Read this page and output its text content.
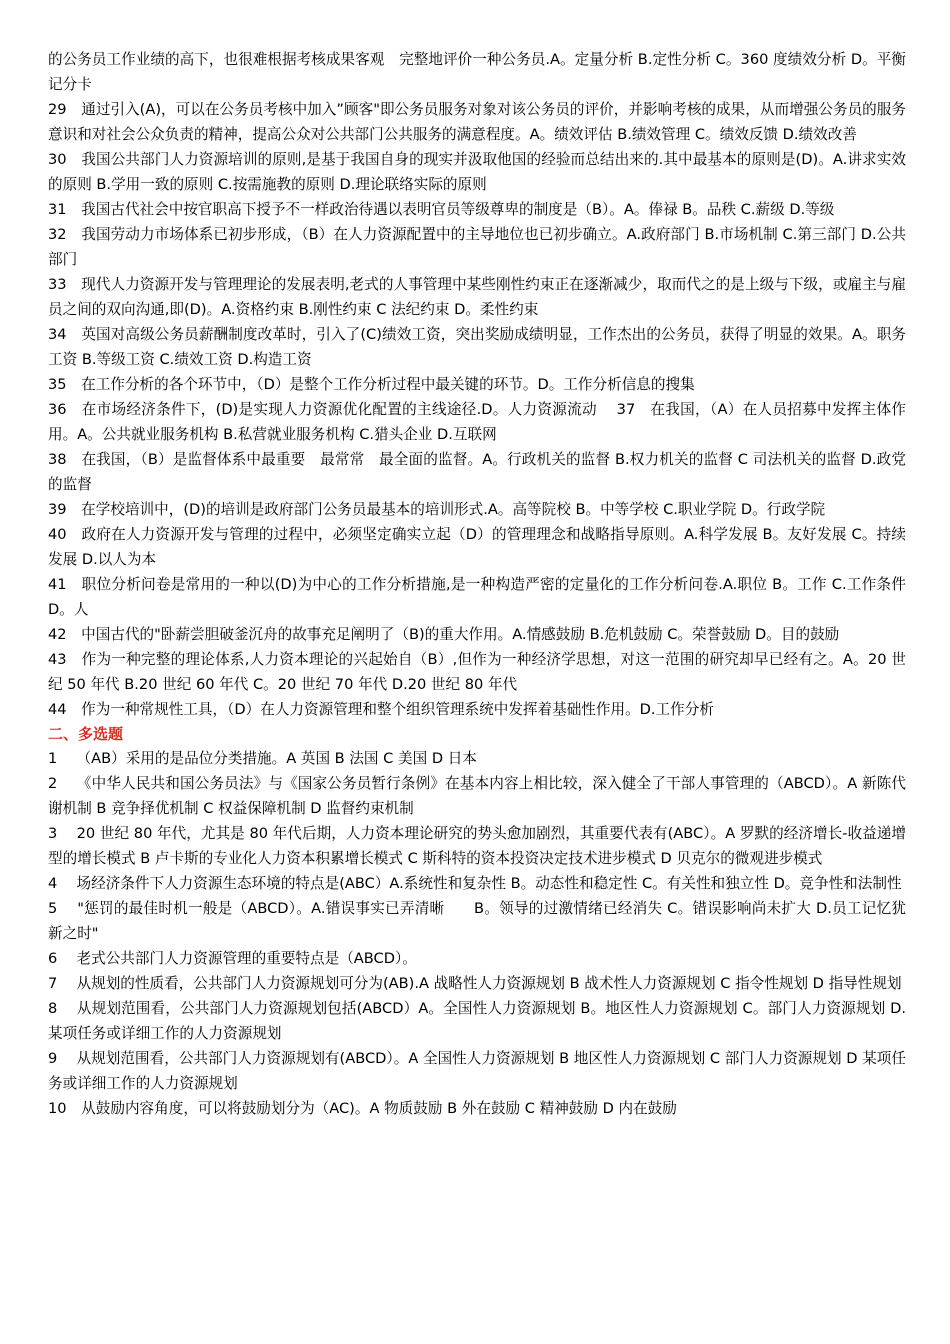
的公务员工作业绩的高下，也很难根据考核成果客观　完整地评价一种公务员.A。定量分析 B.定性分析 C。360 度绩效分析 D。平衡记分卡

29　通过引入(A)，可以在公务员考核中加入”顾客"即公务员服务对象对该公务员的评价，并影响考核的成果，从而增强公务员的服务意识和对社会公众负责的精神，提高公众对公共部门公共服务的满意程度。A。绩效评估 B.绩效管理 C。绩效反馈 D.绩效改善

30　我国公共部门人力资源培训的原则,是基于我国自身的现实并汲取他国的经验而总结出来的.其中最基本的原则是(D)。A.讲求实效的原则 B.学用一致的原则 C.按需施教的原则 D.理论联络实际的原则

31　我国古代社会中按官职高下授予不一样政治待遇以表明官员等级尊卑的制度是（B）。A。俸禄 B。品秩 C.薪级 D.等级

32　我国劳动力市场体系已初步形成，（B）在人力资源配置中的主导地位也已初步确立。A.政府部门 B.市场机制 C.第三部门 D.公共部门

33　现代人力资源开发与管理理论的发展表明,老式的人事管理中某些刚性约束正在逐渐减少，取而代之的是上级与下级，或雇主与雇员之间的双向沟通,即(D)。A.资格约束 B.刚性约束 C 法纪约束 D。柔性约束

34　英国对高级公务员薪酬制度改革时，引入了(C)绩效工资，突出奖励成绩明显，工作杰出的公务员，获得了明显的效果。A。职务工资 B.等级工资 C.绩效工资 D.构造工资

35　在工作分析的各个环节中，（D）是整个工作分析过程中最关键的环节。D。工作分析信息的搜集

36　在市场经济条件下，(D)是实现人力资源优化配置的主线途径.D。人力资源流动　 37　在我国，（A）在人员招募中发挥主体作用。A。公共就业服务机构 B.私营就业服务机构 C.猎头企业 D.互联网

38　在我国，（B）是监督体系中最重要　最常常　最全面的监督。A。行政机关的监督 B.权力机关的监督 C 司法机关的监督 D.政党的监督

39　在学校培训中，(D)的培训是政府部门公务员最基本的培训形式.A。高等院校 B。中等学校 C.职业学院 D。行政学院

40　政府在人力资源开发与管理的过程中，必须坚定确实立起（D）的管理理念和战略指导原则。A.科学发展 B。友好发展 C。持续发展 D.以人为本

41　职位分析问卷是常用的一种以(D)为中心的工作分析措施,是一种构造严密的定量化的工作分析问卷.A.职位 B。工作 C.工作条件 D。人

42　中国古代的"卧薪尝胆破釜沉舟的故事充足阐明了（B)的重大作用。A.情感鼓励 B.危机鼓励 C。荣誉鼓励 D。目的鼓励

43　作为一种完整的理论体系,人力资本理论的兴起始自（B）,但作为一种经济学思想，对这一范围的研究却早已经有之。A。20 世纪 50 年代 B.20 世纪 60 年代 C。20 世纪 70 年代 D.20 世纪 80 年代

44　作为一种常规性工具，（D）在人力资源管理和整个组织管理系统中发挥着基础性作用。D.工作分析

二、多选题

1　 （AB）采用的是品位分类措施。A 英国 B 法国 C 美国 D 日本

2　 《中华人民共和国公务员法》与《国家公务员暂行条例》在基本内容上相比较，深入健全了干部人事管理的（ABCD）。A 新陈代谢机制 B 竞争择优机制 C 权益保障机制 D 监督约束机制

3　 20 世纪 80 年代，尤其是 80 年代后期，人力资本理论研究的势头愈加剧烈，其重要代表有(ABC）。A 罗默的经济增长-收益递增型的增长模式 B 卢卡斯的专业化人力资本积累增长模式 C 斯科特的资本投资决定技术进步模式 D 贝克尔的微观进步模式

4　 场经济条件下人力资源生态环境的特点是(ABC）A.系统性和复杂性 B。动态性和稳定性 C。有关性和独立性 D。竞争性和法制性

5　 "惩罚的最佳时机一般是（ABCD）。A.错误事实已弄清晰　　B。领导的过激情绪已经消失 C。错误影响尚未扩大 D.员工记忆犹新之时"

6　 老式公共部门人力资源管理的重要特点是（ABCD）。

7　 从规划的性质看，公共部门人力资源规划可分为(AB).A 战略性人力资源规划 B 战术性人力资源规划 C 指令性规划 D 指导性规划

8　 从规划范围看，公共部门人力资源规划包括(ABCD）A。全国性人力资源规划 B。地区性人力资源规划 C。部门人力资源规划 D.某项任务或详细工作的人力资源规划

9　 从规划范围看，公共部门人力资源规划有(ABCD）。A 全国性人力资源规划 B 地区性人力资源规划 C 部门人力资源规划 D 某项任务或详细工作的人力资源规划

10　从鼓励内容角度，可以将鼓励划分为（AC)。A 物质鼓励 B 外在鼓励 C 精神鼓励 D 内在鼓励
